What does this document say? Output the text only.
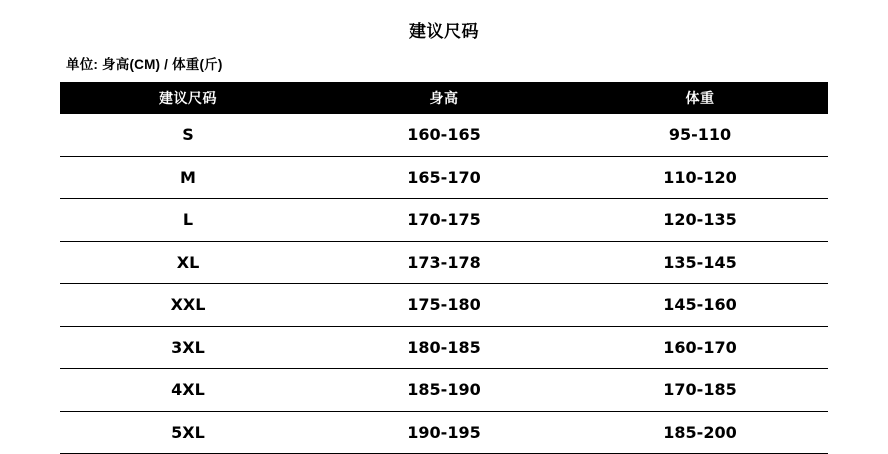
建议尺码
单位: 身高(CM) / 体重(斤)
建议尺码	身高	体重
S	160-165	95-110
M	165-170	110-120
L	170-175	120-135
XL	173-178	135-145
XXL	175-180	145-160
3XL	180-185	160-170
4XL	185-190	170-185
5XL	190-195	185-200
